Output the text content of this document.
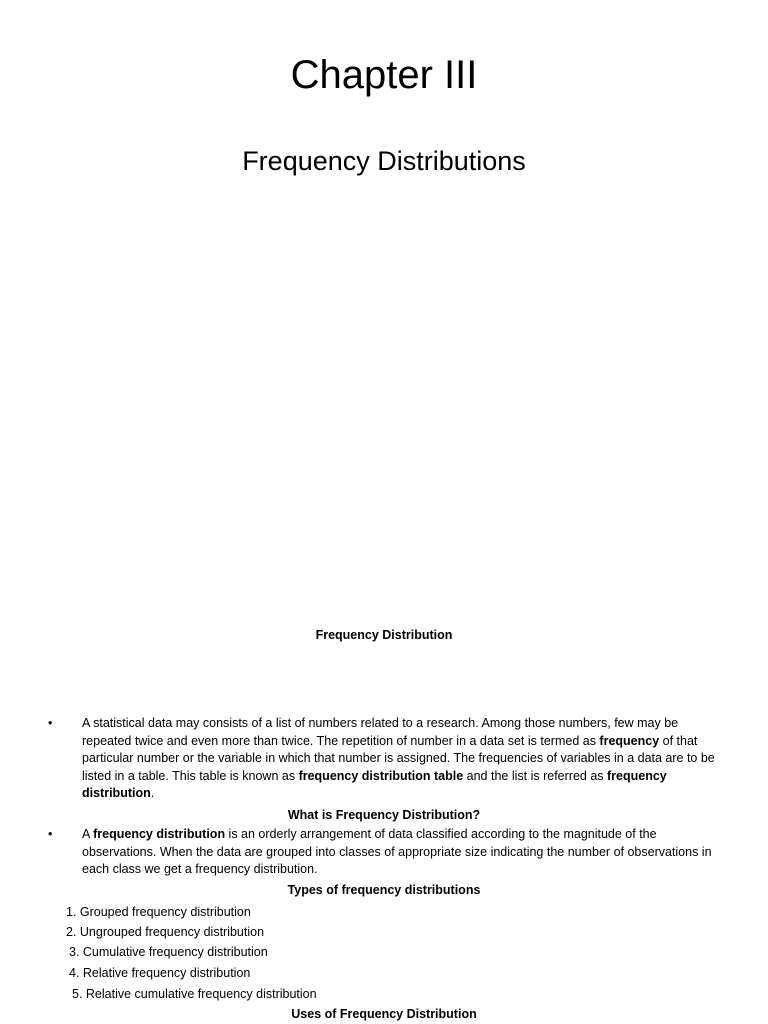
Chapter III
Frequency Distributions
Frequency Distribution
•	A statistical data may consists of a list of numbers related to a research. Among those numbers, few may be repeated twice and even more than twice. The repetition of number in a data set is termed as frequency of that particular number or the variable in which that number is assigned. The frequencies of variables in a data are to be listed in a table. This table is known as frequency distribution table and the list is referred as frequency distribution.
What is Frequency Distribution?
•	A frequency distribution is an orderly arrangement of data classified according to the magnitude of the observations. When the data are grouped into classes of appropriate size indicating the number of observations in each class we get a frequency distribution.
Types of frequency distributions
1. Grouped frequency distribution
2. Ungrouped frequency distribution
3. Cumulative frequency distribution
4. Relative frequency distribution
5. Relative cumulative frequency distribution
Uses of Frequency Distribution
